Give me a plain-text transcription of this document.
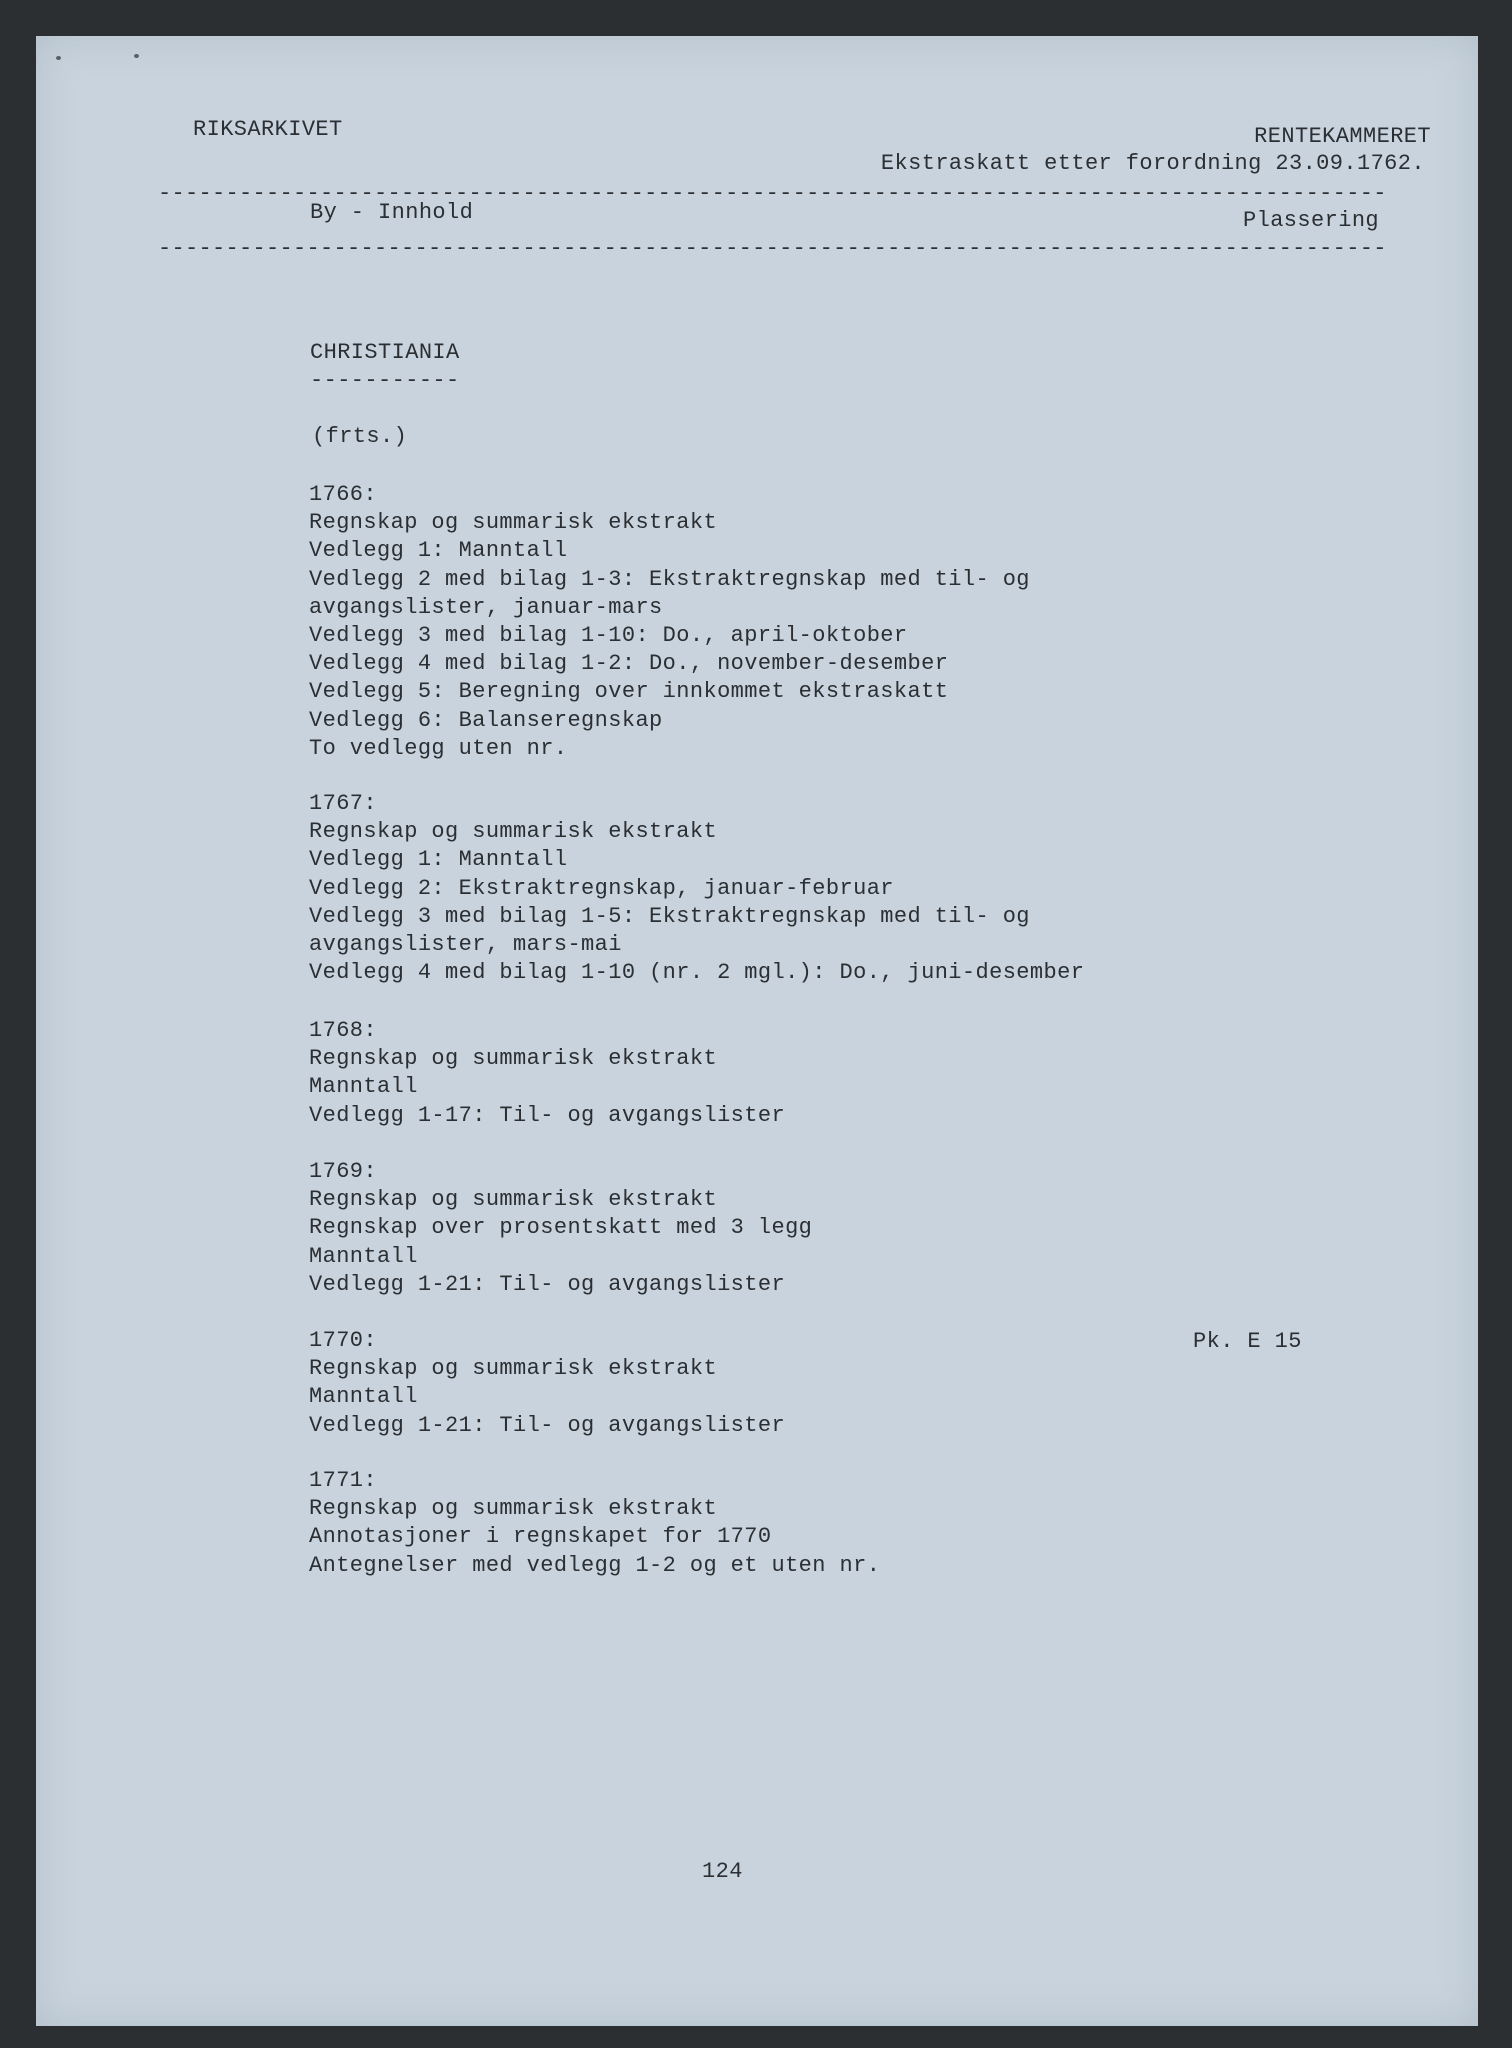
RIKSARKIVET	RENTEKAMMERET
Ekstraskatt etter forordning 23.09.1762.
-------------------------------------------------------------------------------------------
By - Innhold	Plassering
-------------------------------------------------------------------------------------------
CHRISTIANIA
-----------
(frts.)
1766:
Regnskap og summarisk ekstrakt
Vedlegg 1: Manntall
Vedlegg 2 med bilag 1-3: Ekstraktregnskap med til- og
avgangslister, januar-mars
Vedlegg 3 med bilag 1-10: Do., april-oktober
Vedlegg 4 med bilag 1-2: Do., november-desember
Vedlegg 5: Beregning over innkommet ekstraskatt
Vedlegg 6: Balanseregnskap
To vedlegg uten nr.
1767:
Regnskap og summarisk ekstrakt
Vedlegg 1: Manntall
Vedlegg 2: Ekstraktregnskap, januar-februar
Vedlegg 3 med bilag 1-5: Ekstraktregnskap med til- og
avgangslister, mars-mai
Vedlegg 4 med bilag 1-10 (nr. 2 mgl.): Do., juni-desember
1768:
Regnskap og summarisk ekstrakt
Manntall
Vedlegg 1-17: Til- og avgangslister
1769:
Regnskap og summarisk ekstrakt
Regnskap over prosentskatt med 3 legg
Manntall
Vedlegg 1-21: Til- og avgangslister
1770:
Regnskap og summarisk ekstrakt
Manntall
Vedlegg 1-21: Til- og avgangslister
1771:
Regnskap og summarisk ekstrakt
Annotasjoner i regnskapet for 1770
Antegnelser med vedlegg 1-2 og et uten nr.
Pk. E 15
124
